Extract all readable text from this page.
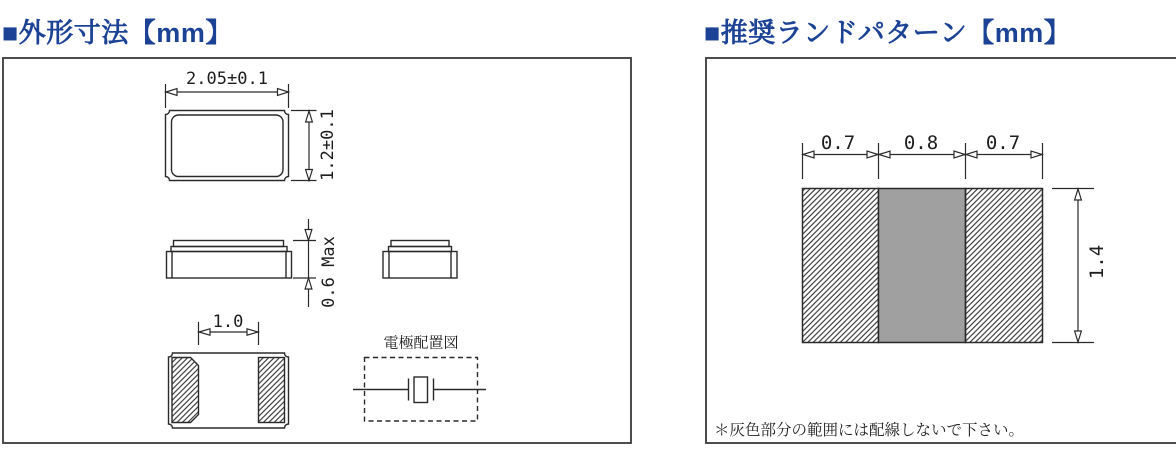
■外形寸法【mm】	■推奨ランドパターン【mm】
2.05±0.1
1.2±0.1
0.6 Max
1.0
電極配置図
0.7	0.8	0.7
1.4
＊灰色部分の範囲には配線しないで下さい。
